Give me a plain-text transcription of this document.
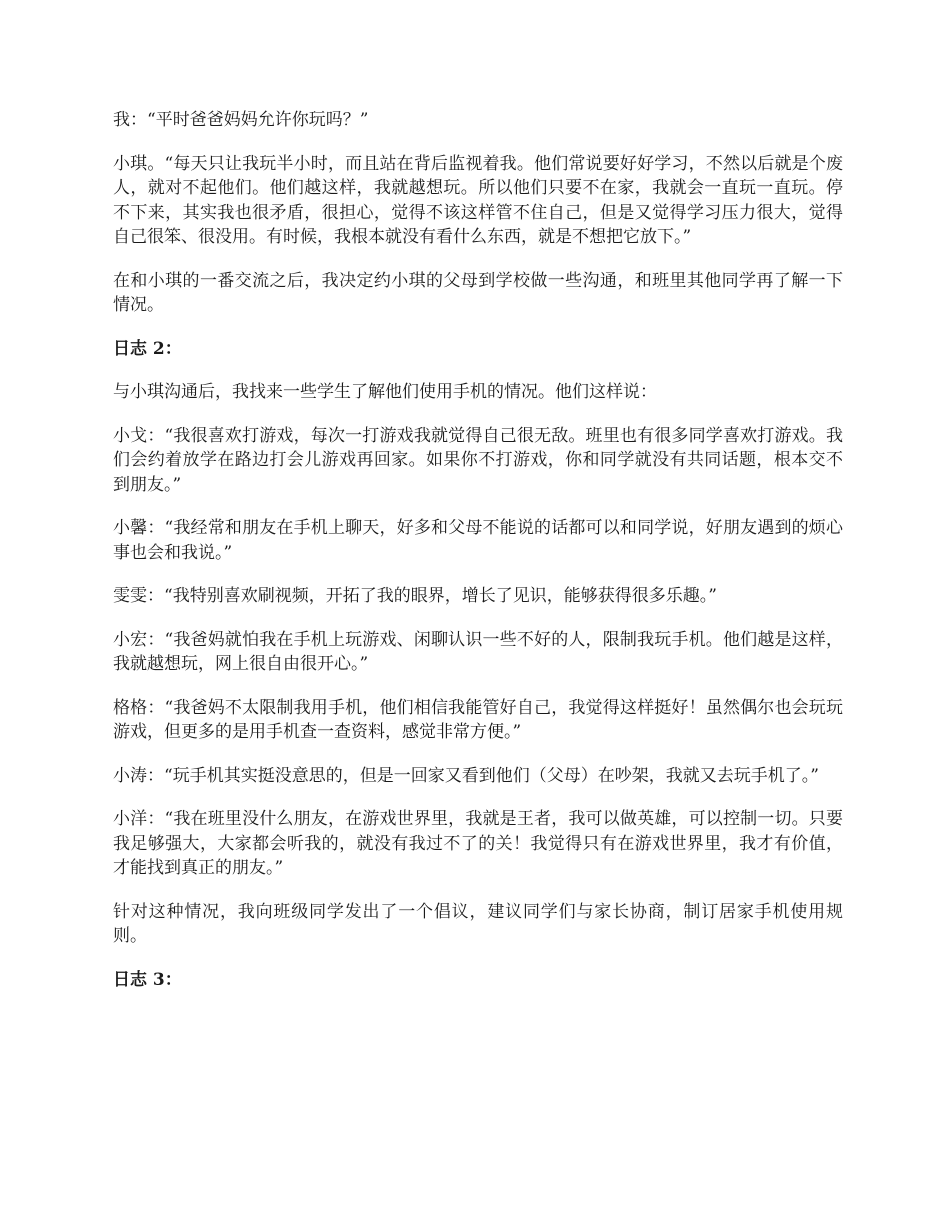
我：“平时爸爸妈妈允许你玩吗？”

小琪。“每天只让我玩半小时，而且站在背后监视着我。他们常说要好好学习，不然以后就是个废人，就对不起他们。他们越这样，我就越想玩。所以他们只要不在家，我就会一直玩一直玩。停不下来，其实我也很矛盾，很担心，觉得不该这样管不住自己，但是又觉得学习压力很大，觉得自己很笨、很没用。有时候，我根本就没有看什么东西，就是不想把它放下。”

在和小琪的一番交流之后，我决定约小琪的父母到学校做一些沟通，和班里其他同学再了解一下情况。

日志 2：

与小琪沟通后，我找来一些学生了解他们使用手机的情况。他们这样说：

小戈：“我很喜欢打游戏，每次一打游戏我就觉得自己很无敌。班里也有很多同学喜欢打游戏。我们会约着放学在路边打会儿游戏再回家。如果你不打游戏，你和同学就没有共同话题，根本交不到朋友。”

小馨：“我经常和朋友在手机上聊天，好多和父母不能说的话都可以和同学说，好朋友遇到的烦心事也会和我说。”

雯雯：“我特别喜欢刷视频，开拓了我的眼界，增长了见识，能够获得很多乐趣。”

小宏：“我爸妈就怕我在手机上玩游戏、闲聊认识一些不好的人，限制我玩手机。他们越是这样，我就越想玩，网上很自由很开心。”

格格：“我爸妈不太限制我用手机，他们相信我能管好自己，我觉得这样挺好！虽然偶尔也会玩玩游戏，但更多的是用手机查一查资料，感觉非常方便。”

小涛：“玩手机其实挺没意思的，但是一回家又看到他们（父母）在吵架，我就又去玩手机了。”

小洋：“我在班里没什么朋友，在游戏世界里，我就是王者，我可以做英雄，可以控制一切。只要我足够强大，大家都会听我的，就没有我过不了的关！我觉得只有在游戏世界里，我才有价值，才能找到真正的朋友。”

针对这种情况，我向班级同学发出了一个倡议，建议同学们与家长协商，制订居家手机使用规则。

日志 3：
